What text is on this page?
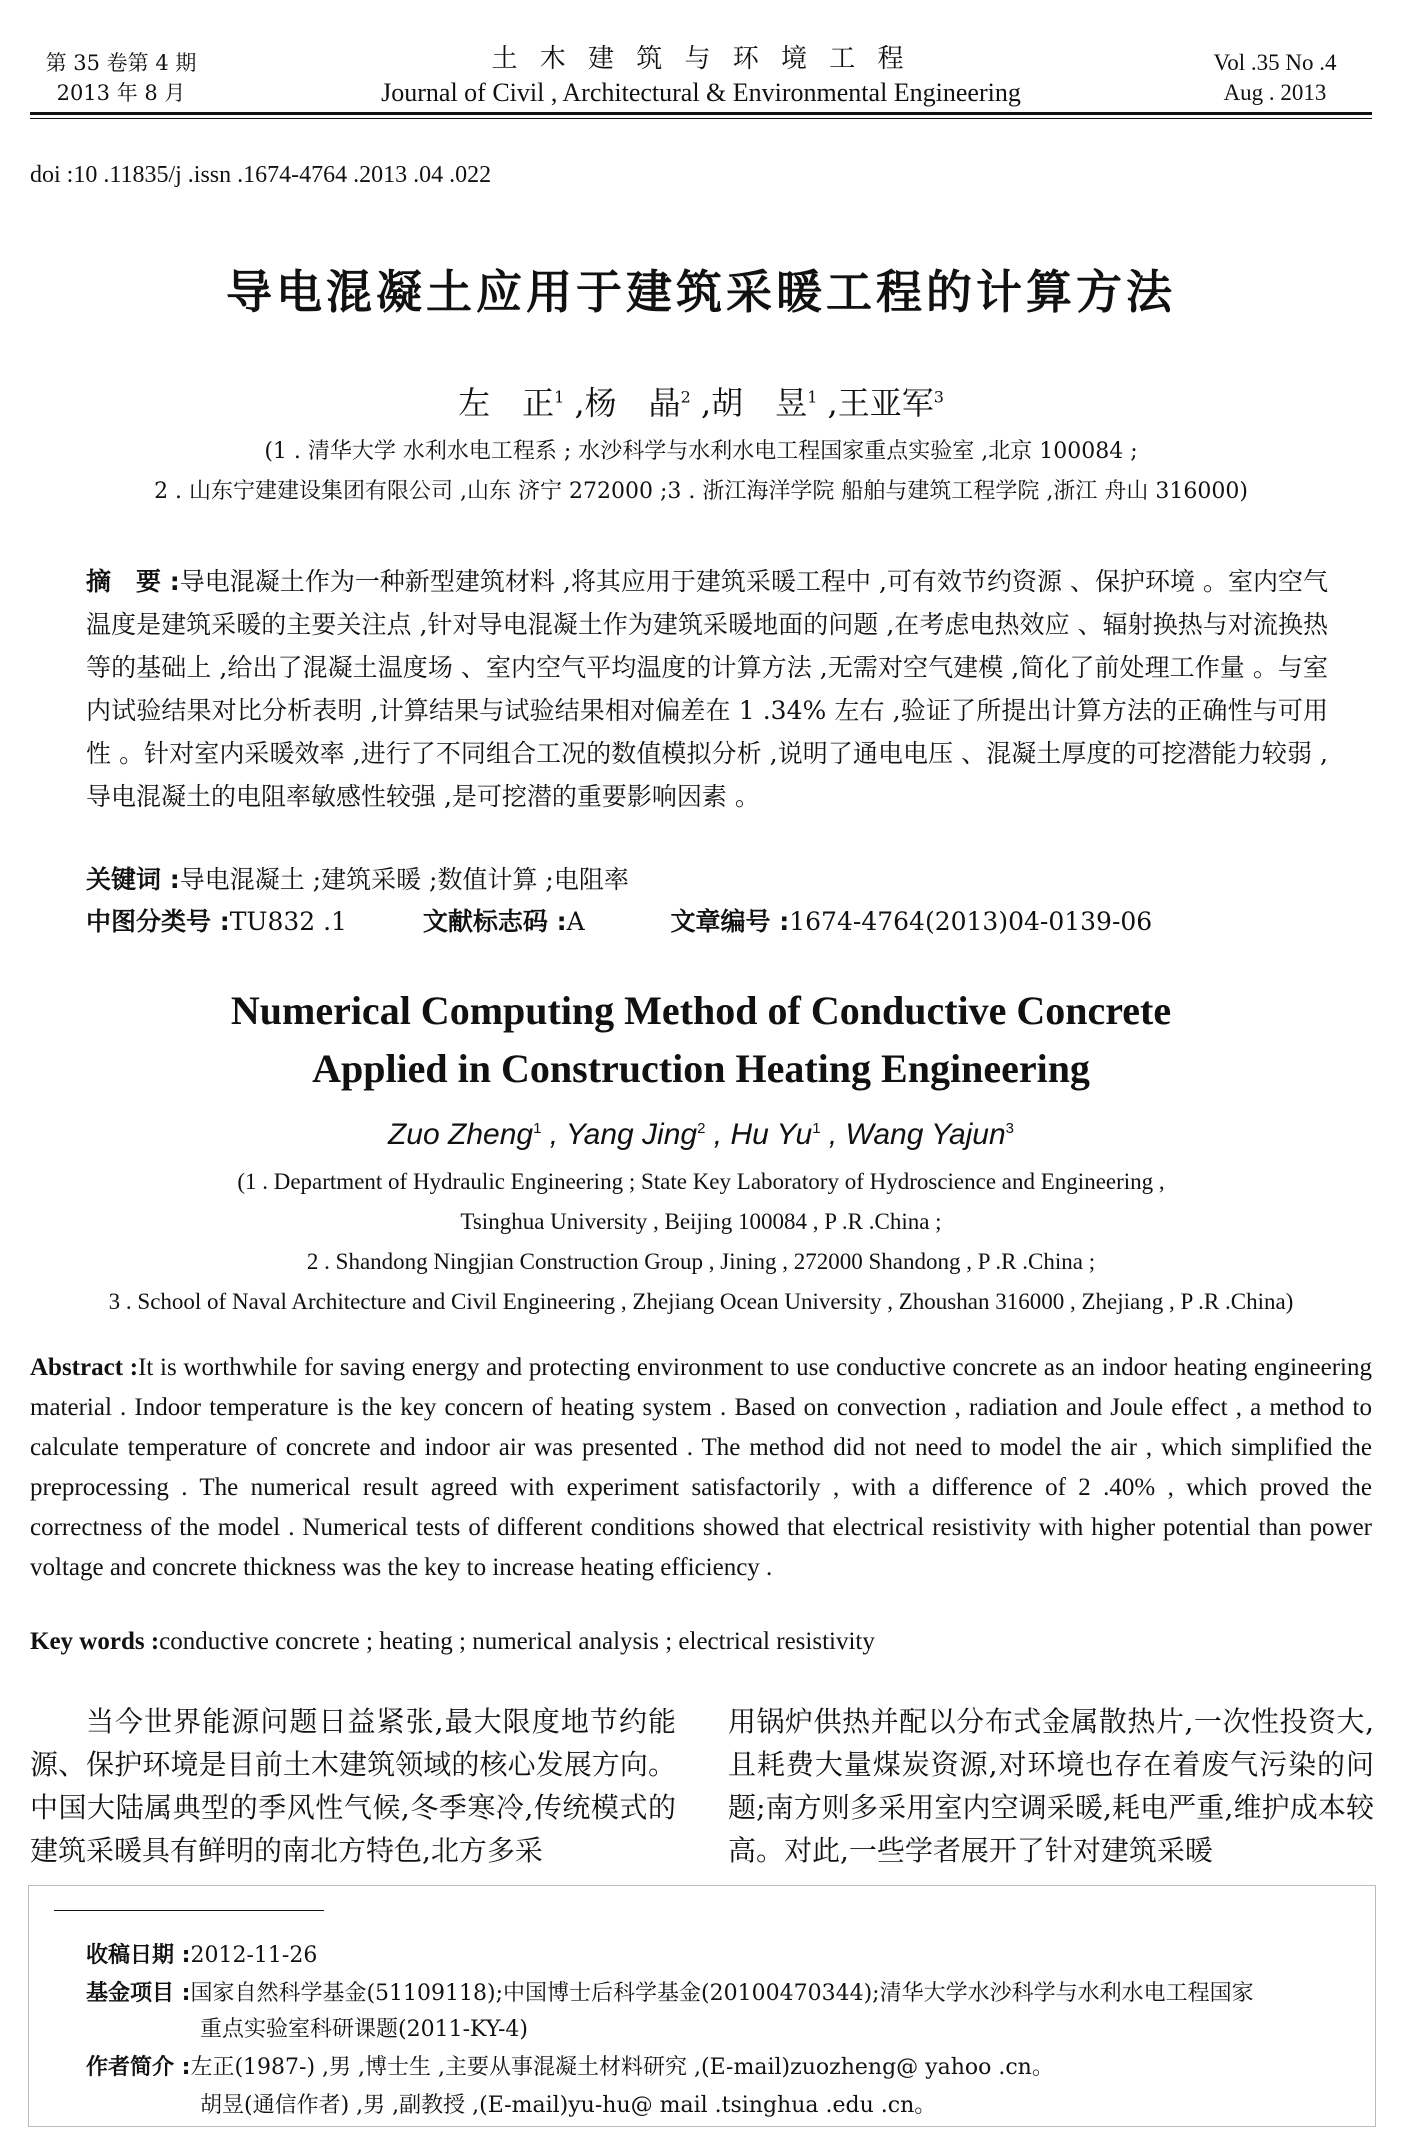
第 35 卷第 4 期
2013 年 8 月
土 木 建 筑 与 环 境 工 程
Journal of Civil , Architectural & Environmental Engineering
Vol .35 No .4
Aug . 2013
doi :10 .11835/j .issn .1674-4764 .2013 .04 .022
导电混凝土应用于建筑采暖工程的计算方法
左　正$^1$ ,杨　晶$^2$ ,胡　昱$^1$ ,王亚军$^3$
(1 . 清华大学 水利水电工程系 ; 水沙科学与水利水电工程国家重点实验室 ,北京 100084 ;
2 . 山东宁建建设集团有限公司 ,山东 济宁 272000 ;3 . 浙江海洋学院 船舶与建筑工程学院 ,浙江 舟山 316000)
摘　要 :导电混凝土作为一种新型建筑材料 ,将其应用于建筑采暖工程中 ,可有效节约资源 、保护环境 。室内空气温度是建筑采暖的主要关注点 ,针对导电混凝土作为建筑采暖地面的问题 ,在考虑电热效应 、辐射换热与对流换热等的基础上 ,给出了混凝土温度场 、室内空气平均温度的计算方法 ,无需对空气建模 ,简化了前处理工作量 。与室内试验结果对比分析表明 ,计算结果与试验结果相对偏差在 1 .34% 左右 ,验证了所提出计算方法的正确性与可用性 。针对室内采暖效率 ,进行了不同组合工况的数值模拟分析 ,说明了通电电压 、混凝土厚度的可挖潜能力较弱 ,导电混凝土的电阻率敏感性较强 ,是可挖潜的重要影响因素 。
关键词 :导电混凝土 ;建筑采暖 ;数值计算 ;电阻率
中图分类号 :TU832 .1	文献标志码 :A	文章编号 :1674-4764(2013)04-0139-06
Numerical Computing Method of Conductive Concrete
Applied in Construction Heating Engineering
Zuo Zheng$^1$ , Yang Jing$^2$ , Hu Yu$^1$ , Wang Yajun$^3$
(1 . Department of Hydraulic Engineering ; State Key Laboratory of Hydroscience and Engineering ,
Tsinghua University , Beijing 100084 , P .R .China ;
2 . Shandong Ningjian Construction Group , Jining , 272000 Shandong , P .R .China ;
3 . School of Naval Architecture and Civil Engineering , Zhejiang Ocean University , Zhoushan 316000 , Zhejiang , P .R .China)
Abstract :It is worthwhile for saving energy and protecting environment to use conductive concrete as an indoor heating engineering material . Indoor temperature is the key concern of heating system . Based on convection , radiation and Joule effect , a method to calculate temperature of concrete and indoor air was presented . The method did not need to model the air , which simplified the preprocessing . The numerical result agreed with experiment satisfactorily , with a difference of 2 .40% , which proved the correctness of the model . Numerical tests of different conditions showed that electrical resistivity with higher potential than power voltage and concrete thickness was the key to increase heating efficiency .
Key words :conductive concrete ; heating ; numerical analysis ; electrical resistivity
当今世界能源问题日益紧张,最大限度地节约能源、保护环境是目前土木建筑领域的核心发展方向。中国大陆属典型的季风性气候,冬季寒冷,传统模式的建筑采暖具有鲜明的南北方特色,北方多采
用锅炉供热并配以分布式金属散热片,一次性投资大,且耗费大量煤炭资源,对环境也存在着废气污染的问题;南方则多采用室内空调采暖,耗电严重,维护成本较高。对此,一些学者展开了针对建筑采暖
收稿日期 :2012-11-26
基金项目 :国家自然科学基金(51109118);中国博士后科学基金(20100470344);清华大学水沙科学与水利水电工程国家
重点实验室科研课题(2011-KY-4)
作者简介 :左正(1987-) ,男 ,博士生 ,主要从事混凝土材料研究 ,(E-mail)zuozheng@ yahoo .cn。
胡昱(通信作者) ,男 ,副教授 ,(E-mail)yu-hu@ mail .tsinghua .edu .cn。
